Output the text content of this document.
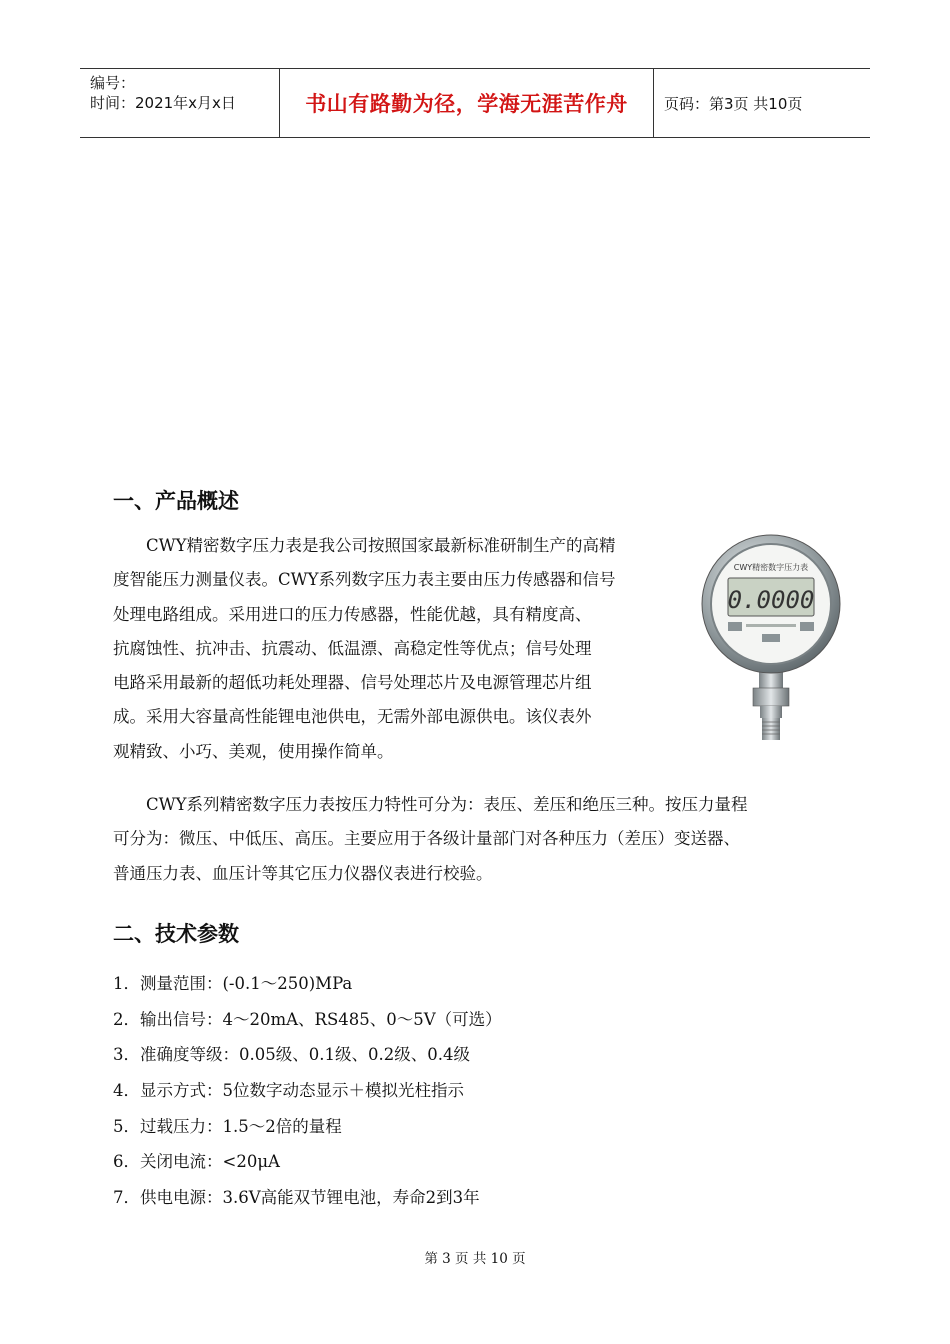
编号：
时间：2021年x月x日	书山有路勤为径，学海无涯苦作舟	页码：第3页 共10页
一、产品概述

CWY精密数字压力表是我公司按照国家最新标准研制生产的高精

度智能压力测量仪表。CWY系列数字压力表主要由压力传感器和信号

处理电路组成。采用进口的压力传感器，性能优越，具有精度高、

抗腐蚀性、抗冲击、抗震动、低温漂、高稳定性等优点；信号处理

电路采用最新的超低功耗处理器、信号处理芯片及电源管理芯片组

成。采用大容量高性能锂电池供电，无需外部电源供电。该仪表外

观精致、小巧、美观，使用操作简单。

CWY精密数字压力表
0.0000

CWY系列精密数字压力表按压力特性可分为：表压、差压和绝压三种。按压力量程

可分为：微压、中低压、高压。主要应用于各级计量部门对各种压力（差压）变送器、

普通压力表、血压计等其它压力仪器仪表进行校验。

二、技术参数
1．测量范围：(-0.1～250)MPa
2．输出信号：4～20mA、RS485、0～5V（可选）
3．准确度等级：0.05级、0.1级、0.2级、0.4级
4．显示方式：5位数字动态显示＋模拟光柱指示
5．过载压力：1.5～2倍的量程
6．关闭电流：<20μA
7．供电电源：3.6V高能双节锂电池，寿命2到3年
第 3 页 共 10 页
